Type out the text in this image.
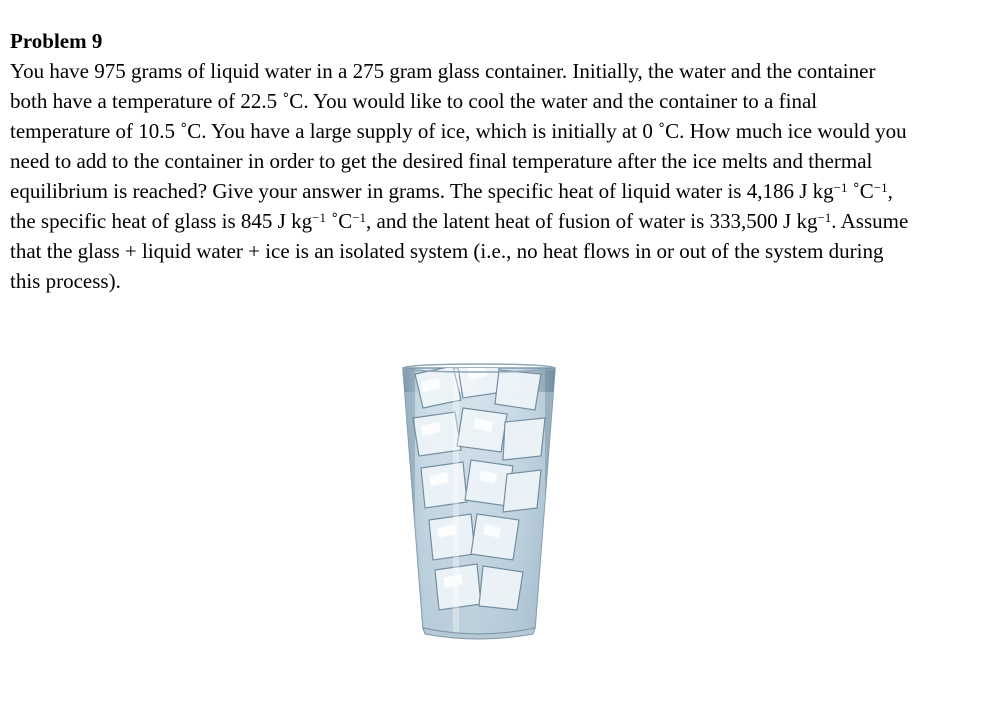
Problem 9

You have 975 grams of liquid water in a 275 gram glass container. Initially, the water and the container both have a temperature of 22.5 ˚C. You would like to cool the water and the container to a final temperature of 10.5 ˚C. You have a large supply of ice, which is initially at 0 ˚C. How much ice would you need to add to the container in order to get the desired final temperature after the ice melts and thermal equilibrium is reached? Give your answer in grams. The specific heat of liquid water is 4,186 J $kg^{-1}$ $˚C^{-1}$, the specific heat of glass is 845 J $kg^{-1}$ $˚C^{-1}$, and the latent heat of fusion of water is 333,500 J $kg^{-1}$. Assume that the glass + liquid water + ice is an isolated system (i.e., no heat flows in or out of the system during this process).
